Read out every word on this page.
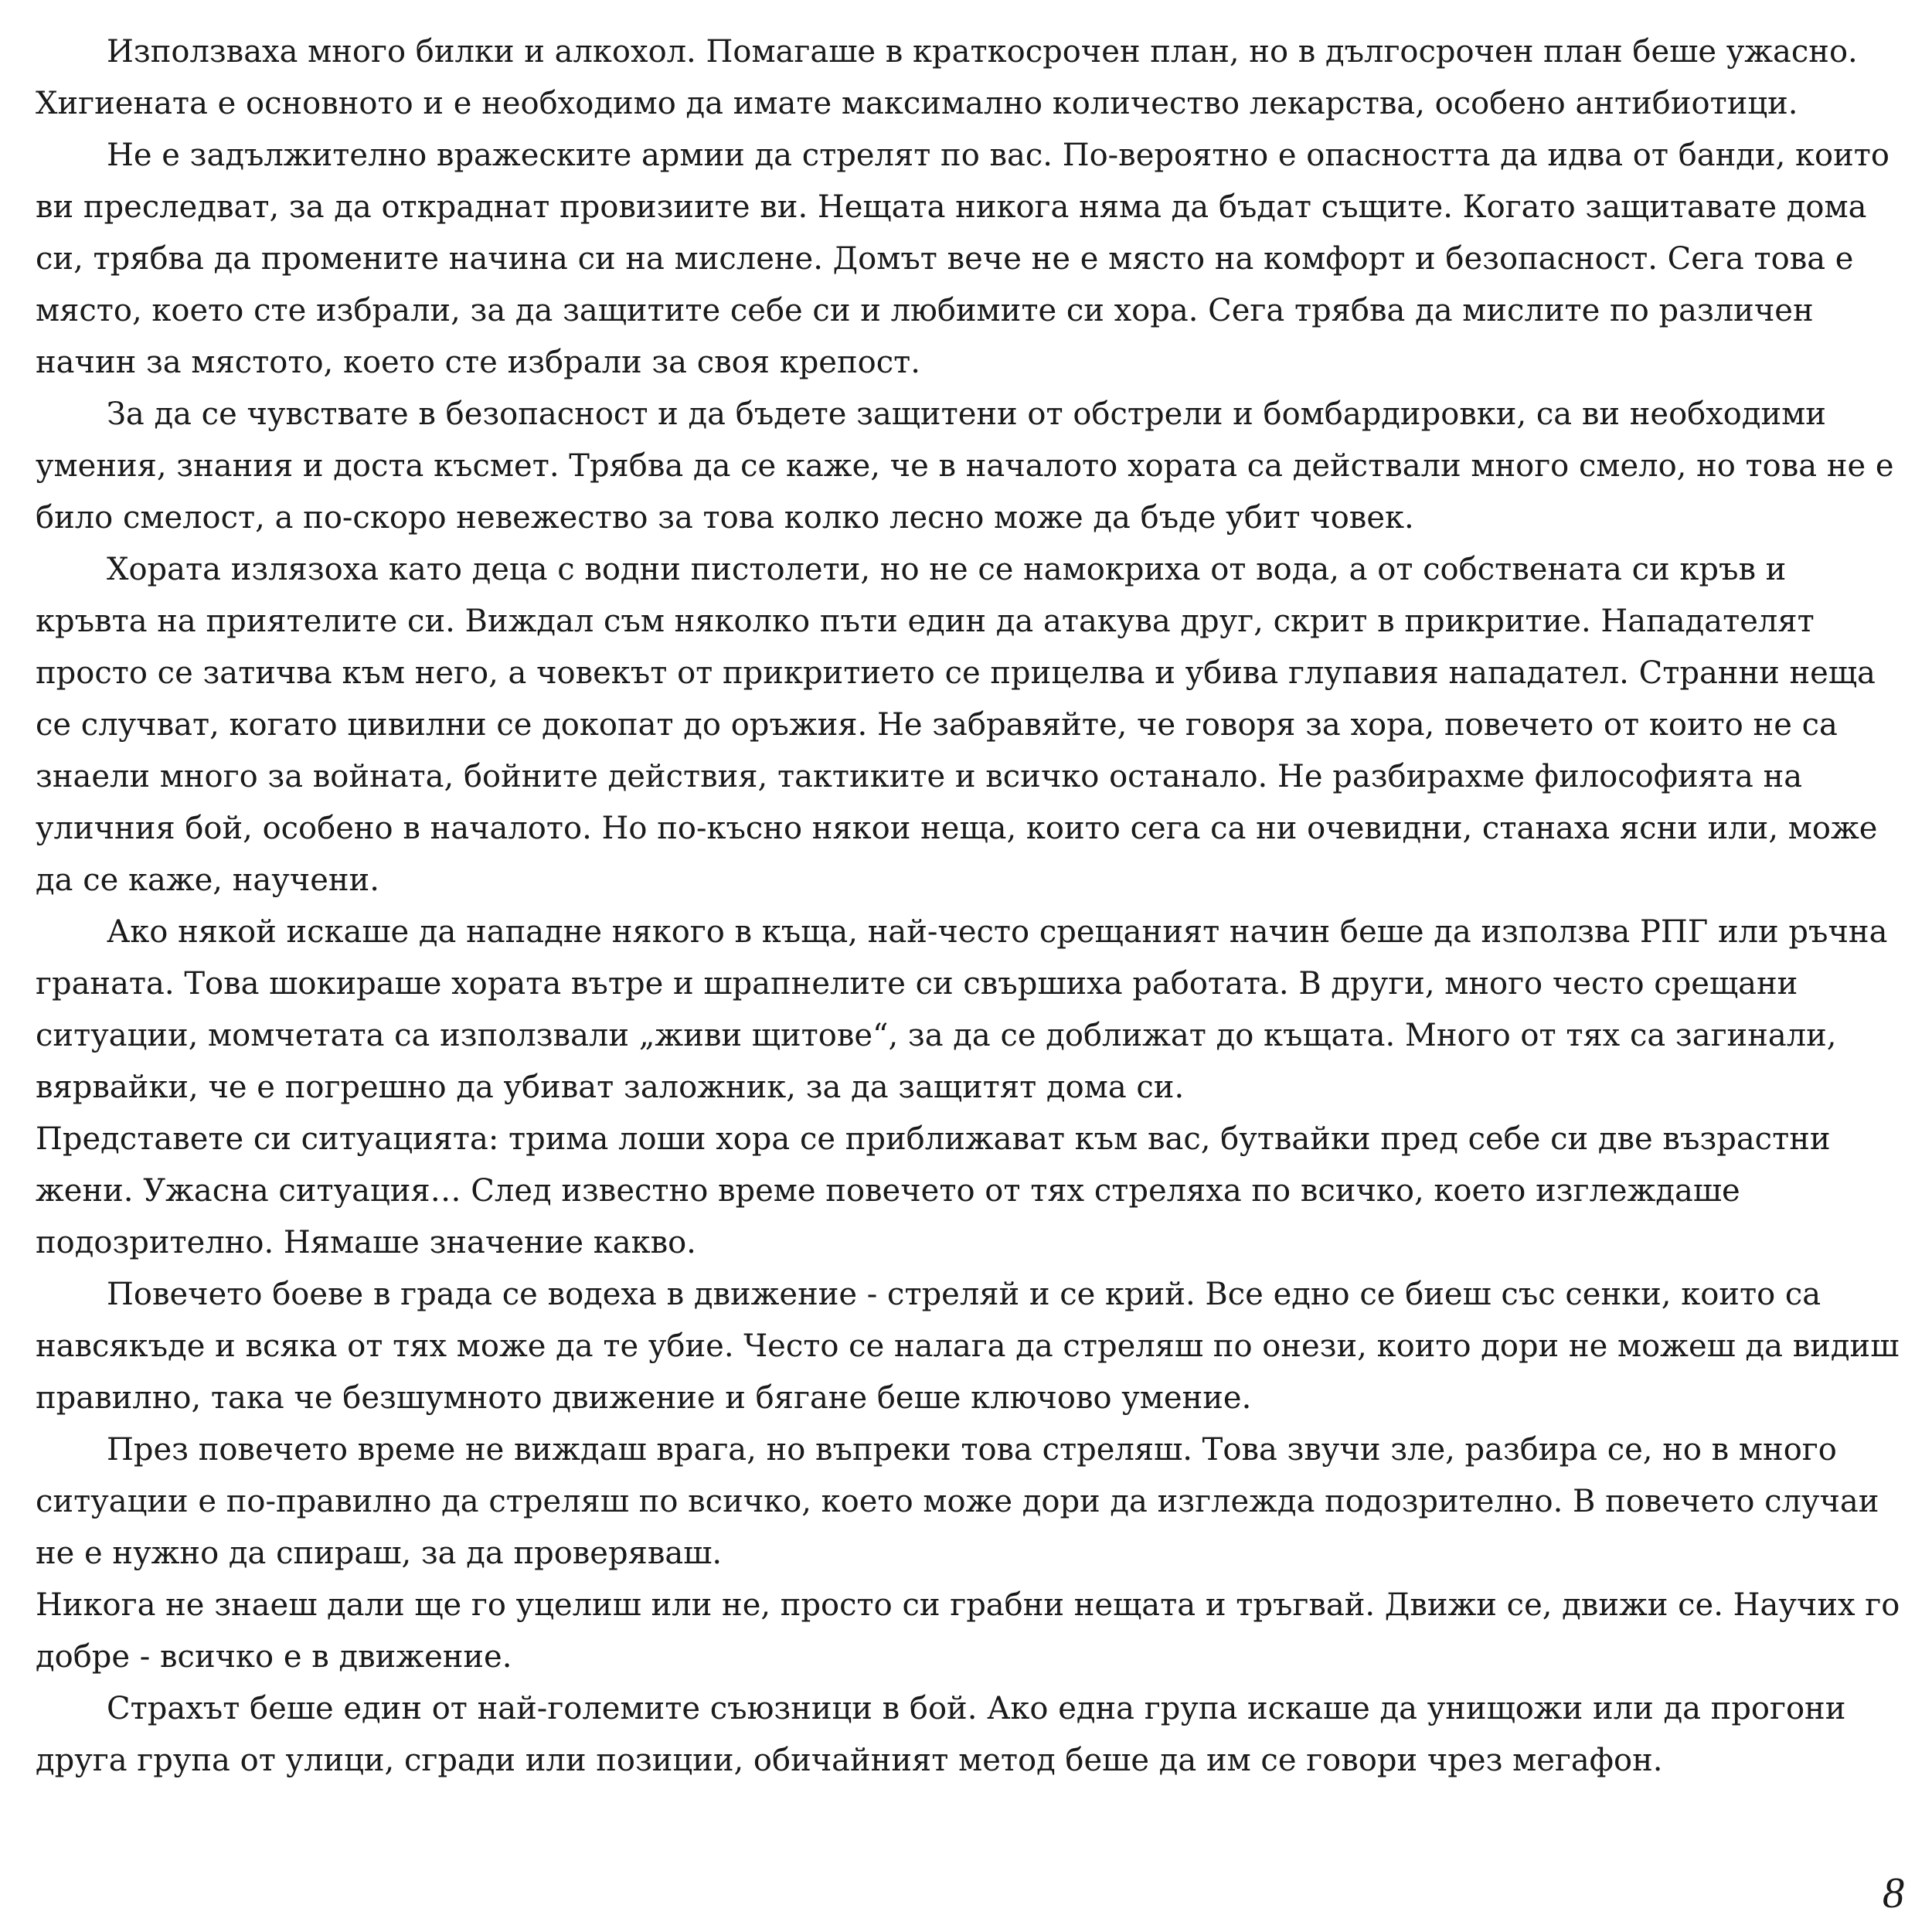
Използваха много билки и алкохол. Помагаше в краткосрочен план, но в дългосрочен план беше ужасно. Хигиената е основното и е необходимо да имате максимално количество лекарства, особено антибиотици.

Не е задължително вражеските армии да стрелят по вас. По-вероятно е опасността да идва от банди, които ви преследват, за да откраднат провизиите ви. Нещата никога няма да бъдат същите. Когато защитавате дома си, трябва да промените начина си на мислене. Домът вече не е място на комфорт и безопасност. Сега това е място, което сте избрали, за да защитите себе си и любимите си хора. Сега трябва да мислите по различен начин за мястото, което сте избрали за своя крепост.

За да се чувствате в безопасност и да бъдете защитени от обстрели и бомбардировки, са ви необходими умения, знания и доста късмет. Трябва да се каже, че в началото хората са действали много смело, но това не е било смелост, а по-скоро невежество за това колко лесно може да бъде убит човек.

Хората излязоха като деца с водни пистолети, но не се намокриха от вода, а от собствената си кръв и кръвта на приятелите си. Виждал съм няколко пъти един да атакува друг, скрит в прикритие. Нападателят просто се затичва към него, а човекът от прикритието се прицелва и убива глупавия нападател. Странни неща се случват, когато цивилни се докопат до оръжия. Не забравяйте, че говоря за хора, повечето от които не са знаели много за войната, бойните действия, тактиките и всичко останало. Не разбирахме философията на уличния бой, особено в началото. Но по-късно някои неща, които сега са ни очевидни, станаха ясни или, може да се каже, научени.

Ако някой искаше да нападне някого в къща, най-често срещаният начин беше да използва РПГ или ръчна граната. Това шокираше хората вътре и шрапнелите си свършиха работата. В други, много често срещани ситуации, момчетата са използвали „живи щитове“, за да се доближат до къщата. Много от тях са загинали, вярвайки, че е погрешно да убиват заложник, за да защитят дома си.

Представете си ситуацията: трима лоши хора се приближават към вас, бутвайки пред себе си две възрастни жени. Ужасна ситуация… След известно време повечето от тях стреляха по всичко, което изглеждаше подозрително. Нямаше значение какво.

Повечето боеве в града се водеха в движение - стреляй и се крий. Все едно се биеш със сенки, които са навсякъде и всяка от тях може да те убие. Често се налага да стреляш по онези, които дори не можеш да видиш правилно, така че безшумното движение и бягане беше ключово умение.

През повечето време не виждаш врага, но въпреки това стреляш. Това звучи зле, разбира се, но в много ситуации е по-правилно да стреляш по всичко, което може дори да изглежда подозрително. В повечето случаи не е нужно да спираш, за да проверяваш.

Никога не знаеш дали ще го уцелиш или не, просто си грабни нещата и тръгвай. Движи се, движи се. Научих го добре - всичко е в движение.

Страхът беше един от най-големите съюзници в бой. Ако една група искаше да унищожи или да прогони друга група от улици, сгради или позиции, обичайният метод беше да им се говори чрез мегафон.

8
